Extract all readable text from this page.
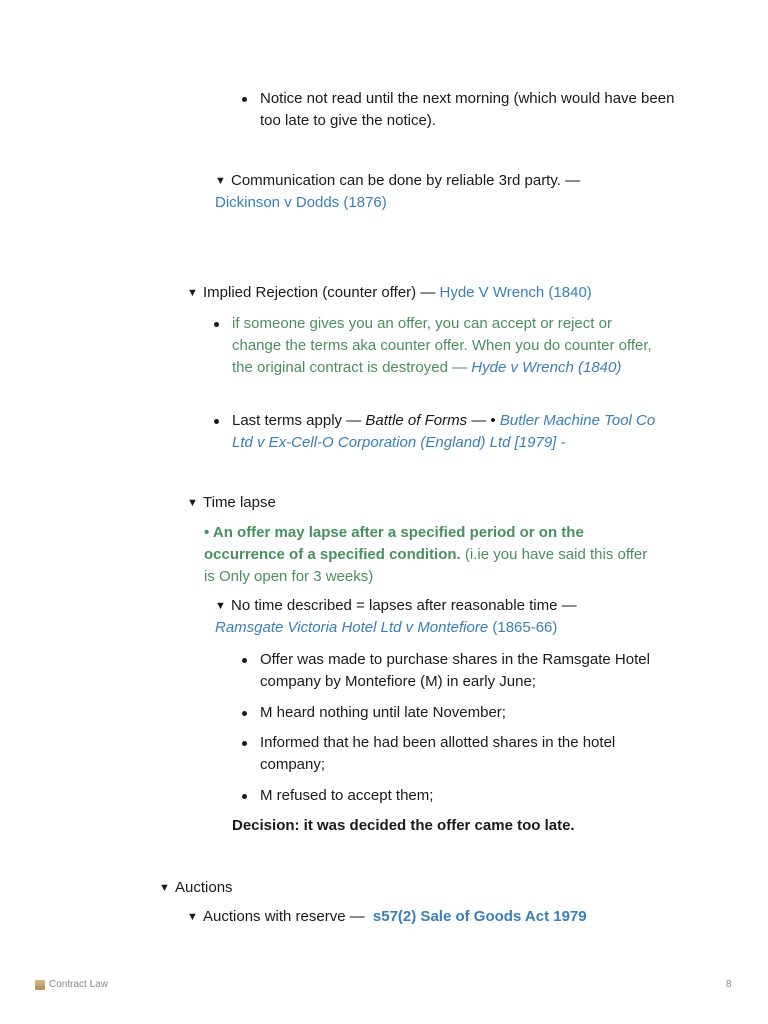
Notice not read until the next morning (which would have been too late to give the notice).
▼ Communication can be done by reliable 3rd party. —
Dickinson v Dodds (1876)
▼ Implied Rejection (counter offer) — Hyde V Wrench (1840)
if someone gives you an offer, you can accept or reject or change the terms aka counter offer. When you do counter offer, the original contract is destroyed — Hyde v Wrench (1840)
Last terms apply — Battle of Forms — • Butler Machine Tool Co Ltd v Ex-Cell-O Corporation (England) Ltd [1979] -
▼ Time lapse
• An offer may lapse after a specified period or on the occurrence of a specified condition. (i.ie you have said this offer is Only open for 3 weeks)
▼ No time described = lapses after reasonable time —
Ramsgate Victoria Hotel Ltd v Montefiore (1865-66)
Offer was made to purchase shares in the Ramsgate Hotel company by Montefiore (M) in early June;
M heard nothing until late November;
Informed that he had been allotted shares in the hotel company;
M refused to accept them;
Decision: it was decided the offer came too late.
▼ Auctions
▼ Auctions with reserve — s57(2) Sale of Goods Act 1979
Contract Law	8
